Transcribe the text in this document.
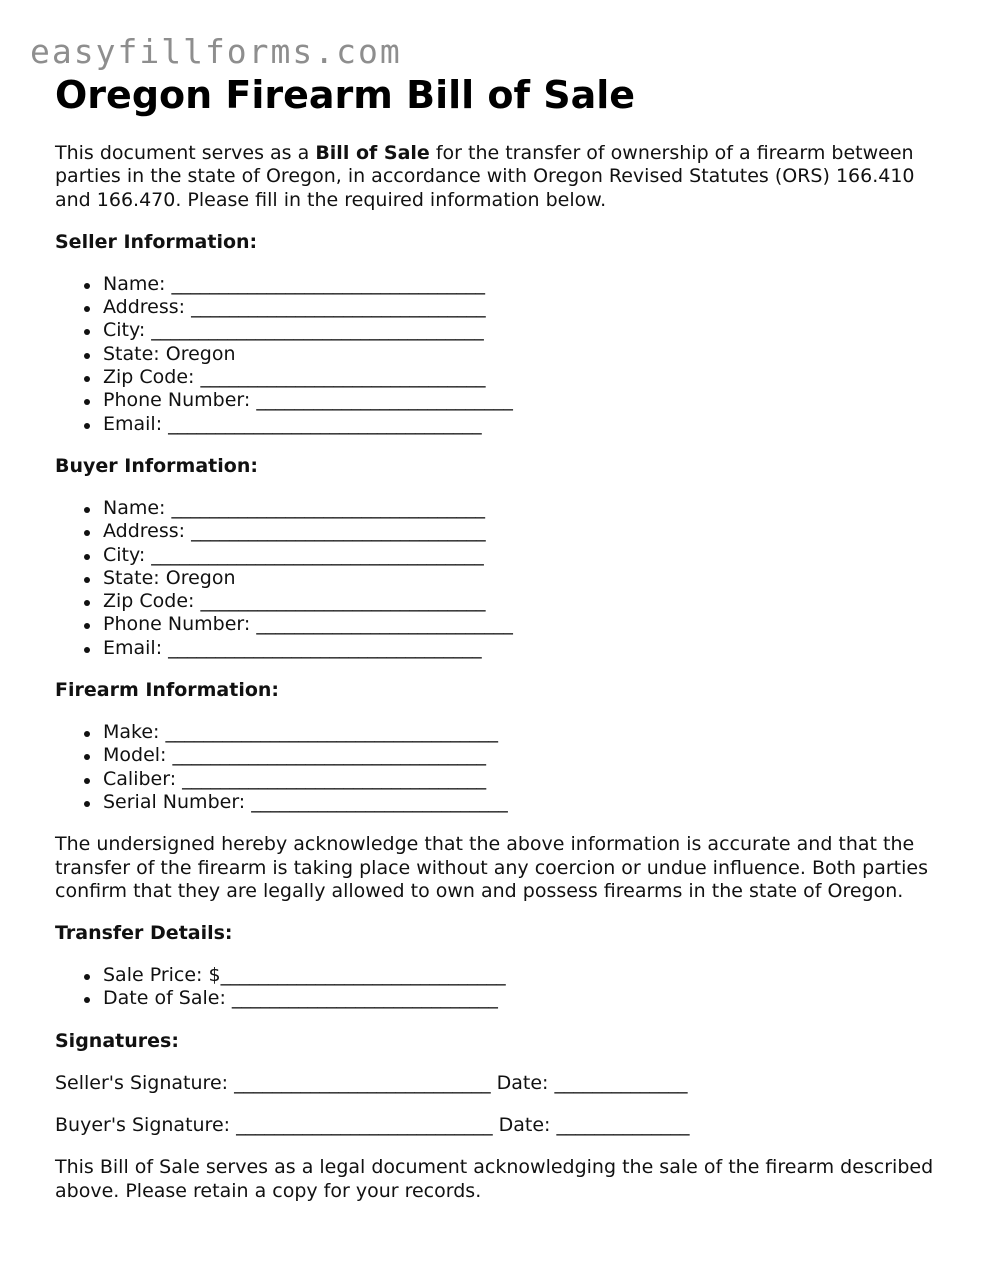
easyfillforms.com
Oregon Firearm Bill of Sale

This document serves as a Bill of Sale for the transfer of ownership of a firearm between parties in the state of Oregon, in accordance with Oregon Revised Statutes (ORS) 166.410 and 166.470. Please fill in the required information below.

Seller Information:
Name: _________________________________
Address: _______________________________
City: ___________________________________
State: Oregon
Zip Code: ______________________________
Phone Number: ___________________________
Email: _________________________________
Buyer Information:
Name: _________________________________
Address: _______________________________
City: ___________________________________
State: Oregon
Zip Code: ______________________________
Phone Number: ___________________________
Email: _________________________________
Firearm Information:
Make: ___________________________________
Model: _________________________________
Caliber: ________________________________
Serial Number: ___________________________

The undersigned hereby acknowledge that the above information is accurate and that the transfer of the firearm is taking place without any coercion or undue influence. Both parties confirm that they are legally allowed to own and possess firearms in the state of Oregon.

Transfer Details:
Sale Price: $______________________________
Date of Sale: ____________________________
Signatures:
Seller's Signature: ___________________________ Date: ______________
Buyer's Signature: ___________________________ Date: ______________

This Bill of Sale serves as a legal document acknowledging the sale of the firearm described above. Please retain a copy for your records.
